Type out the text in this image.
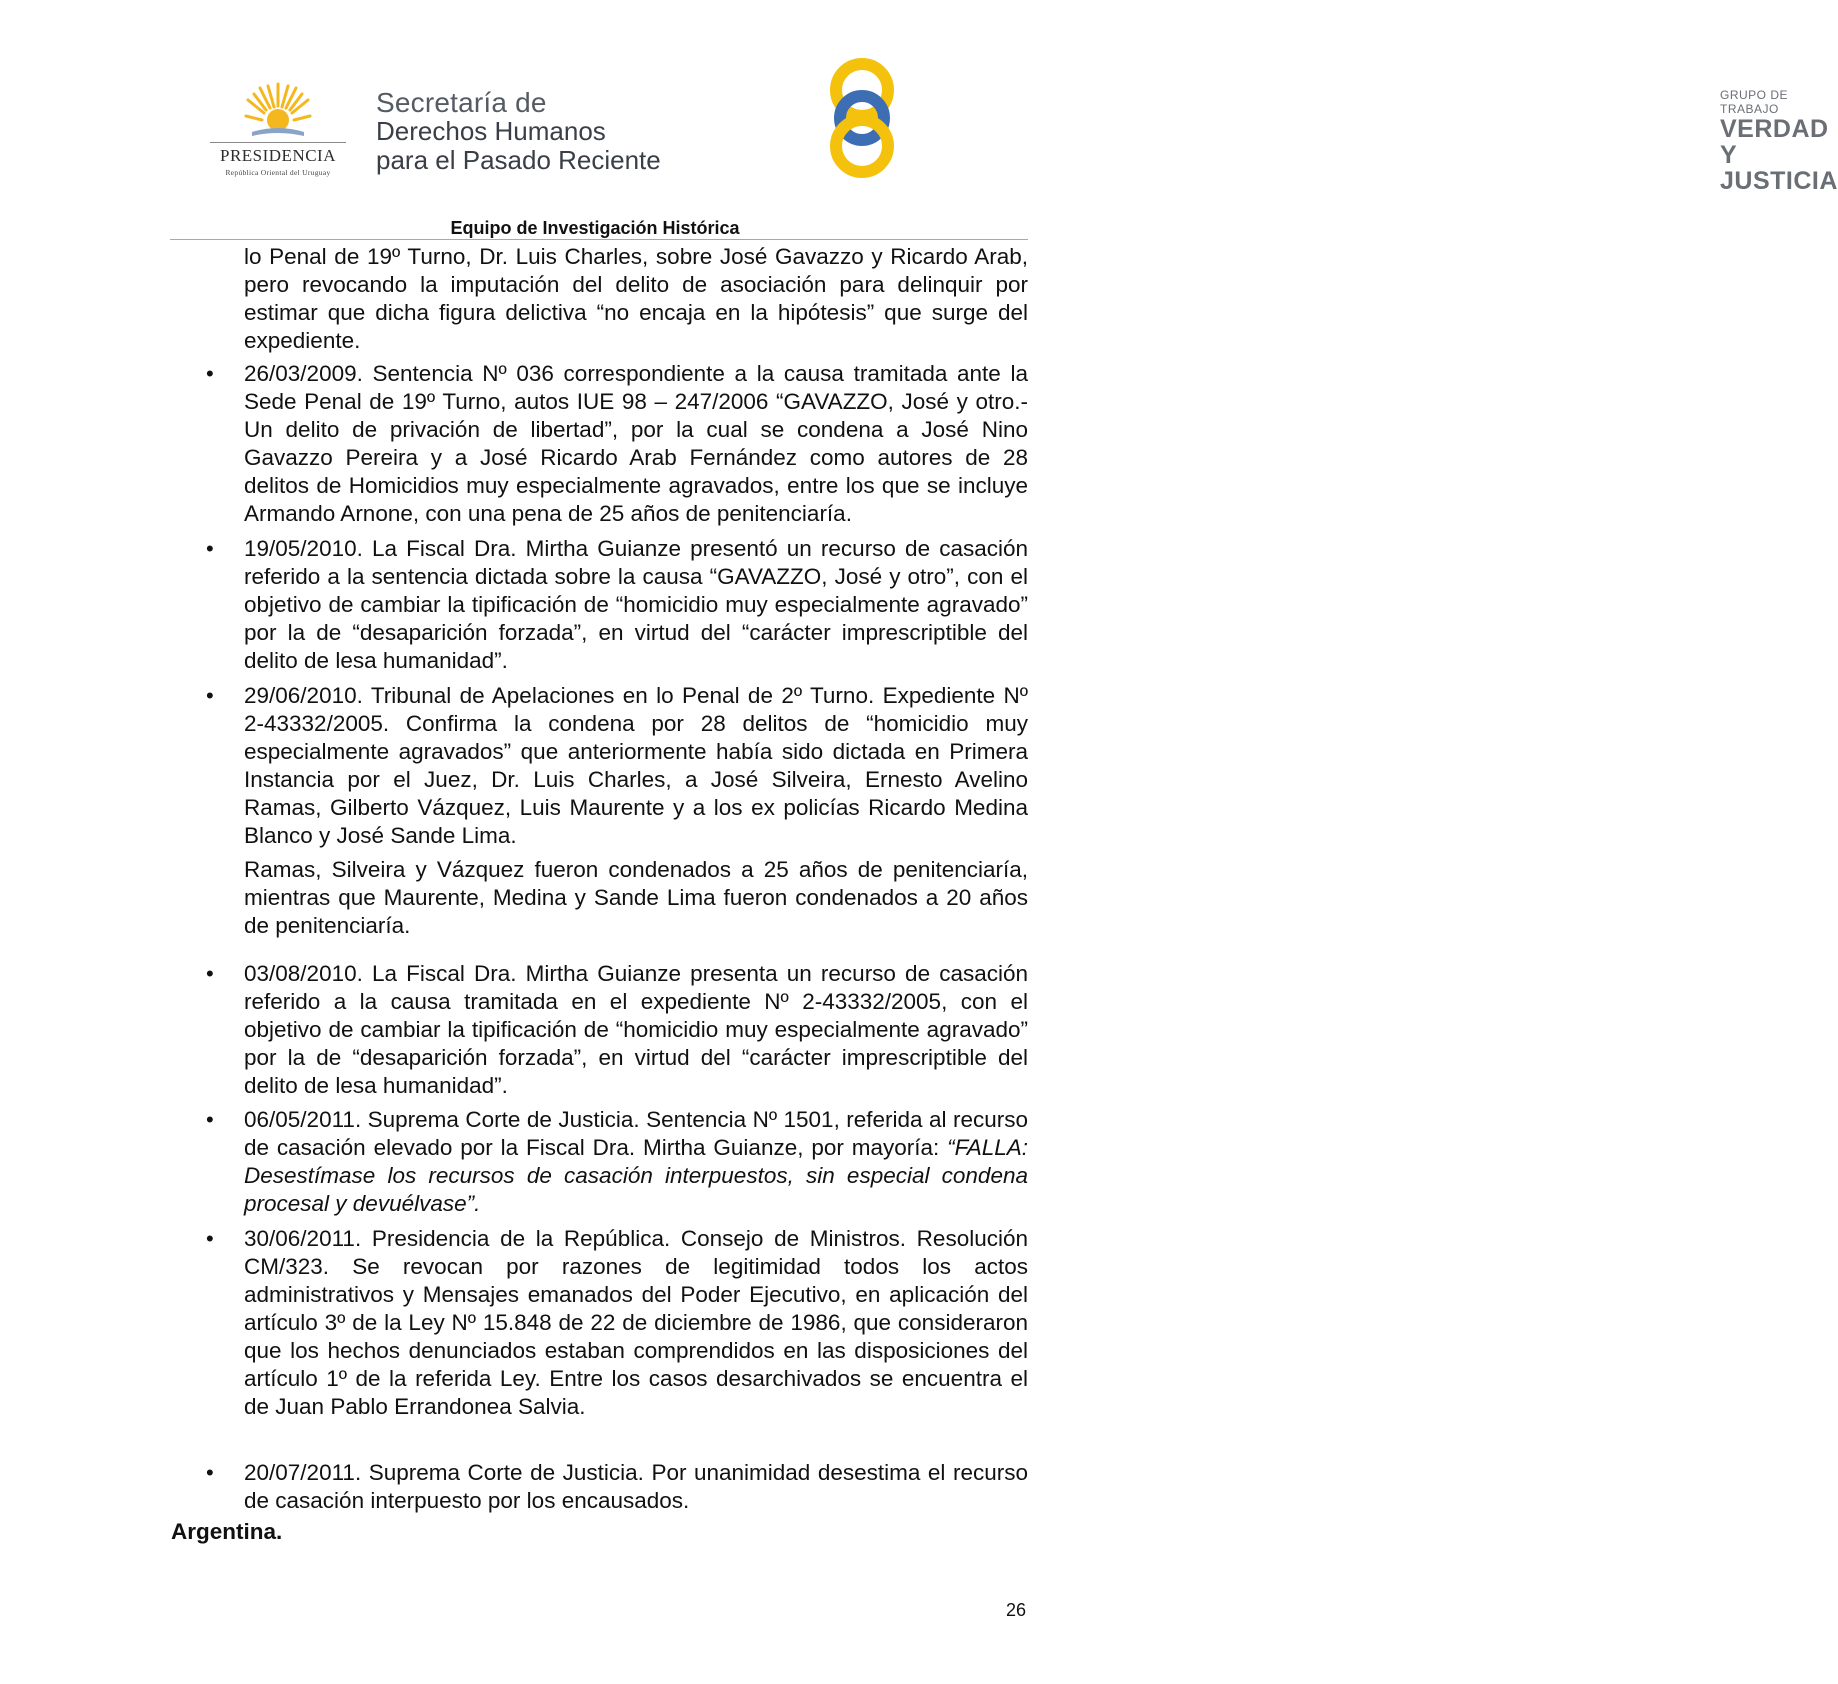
PRESIDENCIA
República Oriental del Uruguay
Secretaría de
Derechos Humanos
para el Pasado Reciente
GRUPO DE TRABAJO
VERDAD Y
JUSTICIA
Equipo de Investigación Histórica
lo Penal de 19º Turno, Dr. Luis Charles, sobre José Gavazzo y Ricardo Arab, pero revocando la imputación del delito de asociación para delinquir por estimar que dicha figura delictiva “no encaja en la hipótesis” que surge del expediente.
•
26/03/2009. Sentencia Nº 036 correspondiente a la causa tramitada ante la Sede Penal de 19º Turno, autos IUE 98 – 247/2006 “GAVAZZO, José y otro.- Un delito de privación de libertad”, por la cual se condena a José Nino Gavazzo Pereira y a José Ricardo Arab Fernández como autores de 28 delitos de Homicidios muy especialmente agravados, entre los que se incluye Armando Arnone, con una pena de 25 años de penitenciaría.
•
19/05/2010. La Fiscal Dra. Mirtha Guianze presentó un recurso de casación referido a la sentencia dictada sobre la causa “GAVAZZO, José y otro”, con el objetivo de cambiar la tipificación de “homicidio muy especialmente agravado” por la de “desaparición forzada”, en virtud del “carácter imprescriptible del delito de lesa humanidad”.
•
29/06/2010. Tribunal de Apelaciones en lo Penal de 2º Turno. Expediente Nº 2-43332/2005. Confirma la condena por 28 delitos de “homicidio muy especialmente agravados” que anteriormente había sido dictada en Primera Instancia por el Juez, Dr. Luis Charles, a José Silveira, Ernesto Avelino Ramas, Gilberto Vázquez, Luis Maurente y a los ex policías Ricardo Medina Blanco y José Sande Lima.
Ramas, Silveira y Vázquez fueron condenados a 25 años de penitenciaría, mientras que Maurente, Medina y Sande Lima fueron condenados a 20 años de penitenciaría.
•
03/08/2010. La Fiscal Dra. Mirtha Guianze presenta un recurso de casación referido a la causa tramitada en el expediente Nº 2-43332/2005, con el objetivo de cambiar la tipificación de “homicidio muy especialmente agravado” por la de “desaparición forzada”, en virtud del “carácter imprescriptible del delito de lesa humanidad”.
•
06/05/2011. Suprema Corte de Justicia. Sentencia Nº 1501, referida al recurso de casación elevado por la Fiscal Dra. Mirtha Guianze, por mayoría: “FALLA: Desestímase los recursos de casación interpuestos, sin especial condena procesal y devuélvase”.
•
30/06/2011. Presidencia de la República. Consejo de Ministros. Resolución CM/323. Se revocan por razones de legitimidad todos los actos administrativos y Mensajes emanados del Poder Ejecutivo, en aplicación del artículo 3º de la Ley Nº 15.848 de 22 de diciembre de 1986, que consideraron que los hechos denunciados estaban comprendidos en las disposiciones del artículo 1º de la referida Ley. Entre los casos desarchivados se encuentra el de Juan Pablo Errandonea Salvia.
•
20/07/2011. Suprema Corte de Justicia. Por unanimidad desestima el recurso de casación interpuesto por los encausados.
Argentina.
26
